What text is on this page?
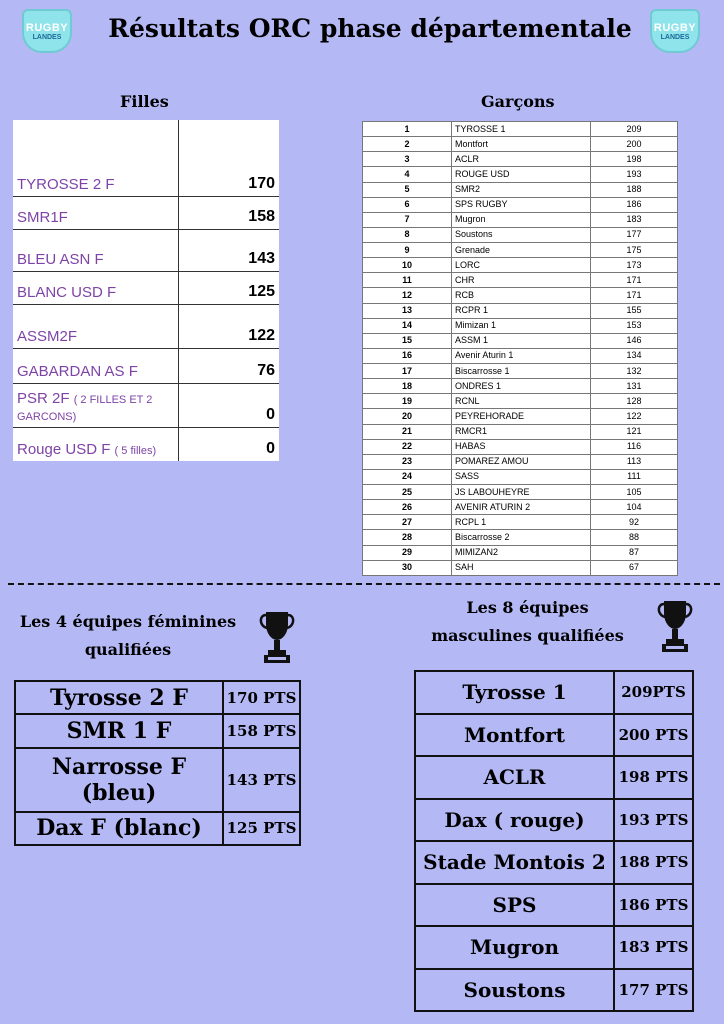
RUGBY
LANDES	Résultats ORC phase départementale	RUGBY
LANDES
Filles	Garçons
TYROSSE 2 F	170
SMR1F	158
BLEU ASN F	143
BLANC USD F	125
ASSM2F	122
GABARDAN AS F	76
PSR 2F ( 2 FILLES ET 2 GARCONS)	0
Rouge USD F ( 5 filles)	0
1	TYROSSE 1	209
2	Montfort	200
3	ACLR	198
4	ROUGE USD	193
5	SMR2	188
6	SPS RUGBY	186
7	Mugron	183
8	Soustons	177
9	Grenade	175
10	LORC	173
11	CHR	171
12	RCB	171
13	RCPR 1	155
14	Mimizan 1	153
15	ASSM 1	146
16	Avenir Aturin 1	134
17	Biscarrosse 1	132
18	ONDRES 1	131
19	RCNL	128
20	PEYREHORADE	122
21	RMCR1	121
22	HABAS	116
23	POMAREZ AMOU	113
24	SASS	111
25	JS LABOUHEYRE	105
26	AVENIR ATURIN 2	104
27	RCPL 1	92
28	Biscarrosse 2	88
29	MIMIZAN2	87
30	SAH	67
Les 4 équipes féminines
qualifiées
Tyrosse 2 F	170 PTS
SMR 1 F	158 PTS
Narrosse F (bleu)	143 PTS
Dax F (blanc)	125 PTS
Les 8 équipes
masculines qualifiées
Tyrosse 1	209PTS
Montfort	200 PTS
ACLR	198 PTS
Dax ( rouge)	193 PTS
Stade Montois 2	188 PTS
SPS	186 PTS
Mugron	183 PTS
Soustons	177 PTS
